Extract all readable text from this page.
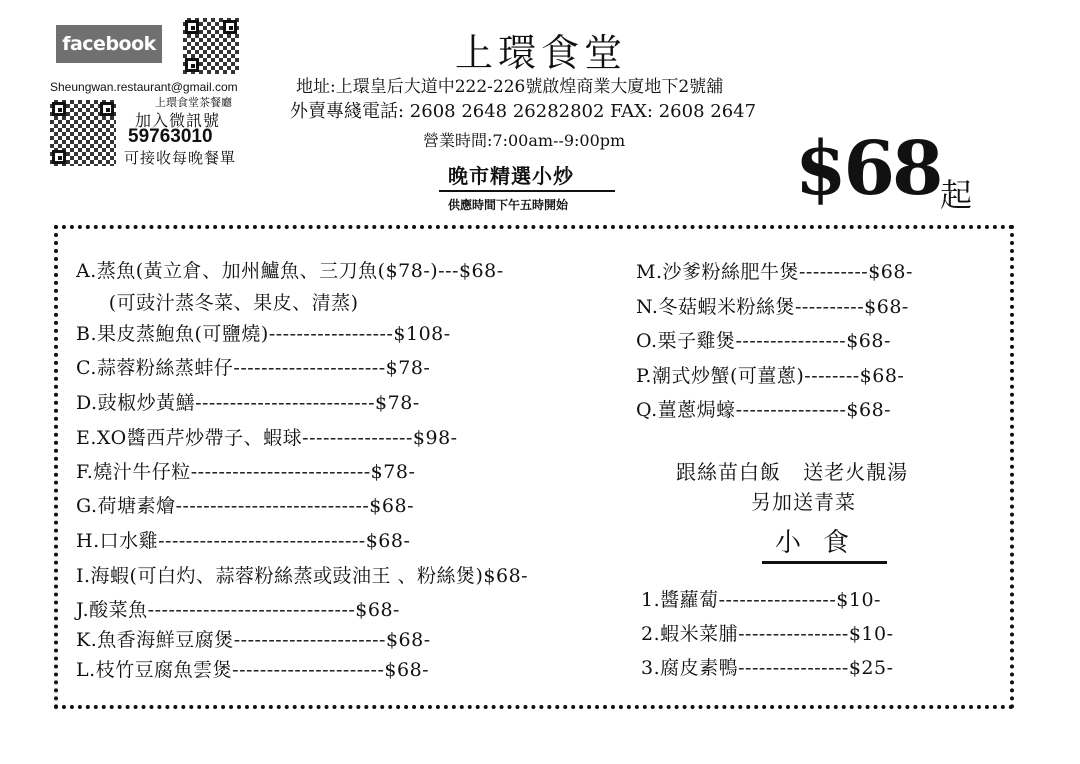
facebook
Sheungwan.restaurant@gmail.com
上環食堂茶餐廳
加入微訊號
59763010
可接收每晚餐單
上環食堂
地址:上環皇后大道中222-226號啟煌商業大廈地下2號舖
外賣專綫電話: 2608 2648 26282802 FAX: 2608 2647
營業時間:7:00am--9:00pm
晚市精選小炒
供應時間下午五時開始	$68 起
A.蒸魚(黃立倉、加州鱸魚、三刀魚($78-)---$68-
(可豉汁蒸冬菜、果皮、清蒸)
B.果皮蒸鮑魚(可鹽燒)------------------$108-
C.蒜蓉粉絲蒸蚌仔----------------------$78-
D.豉椒炒黃鱔--------------------------$78-
E.XO醬西芹炒帶子、蝦球----------------$98-
F.燒汁牛仔粒--------------------------$78-
G.荷塘素燴----------------------------$68-
H.口水雞------------------------------$68-
I.海蝦(可白灼、蒜蓉粉絲蒸或豉油王 、粉絲煲)$68-
J.酸菜魚------------------------------$68-
K.魚香海鮮豆腐煲----------------------$68-
L.枝竹豆腐魚雲煲----------------------$68-
M.沙爹粉絲肥牛煲----------$68-
N.冬菇蝦米粉絲煲----------$68-
O.栗子雞煲----------------$68-
P.潮式炒蟹(可薑蔥)--------$68-
Q.薑蔥焗蠔----------------$68-
跟絲苗白飯   送老火靚湯
另加送青菜
小食
1.醬蘿蔔-----------------$10-
2.蝦米菜脯----------------$10-
3.腐皮素鴨----------------$25-
